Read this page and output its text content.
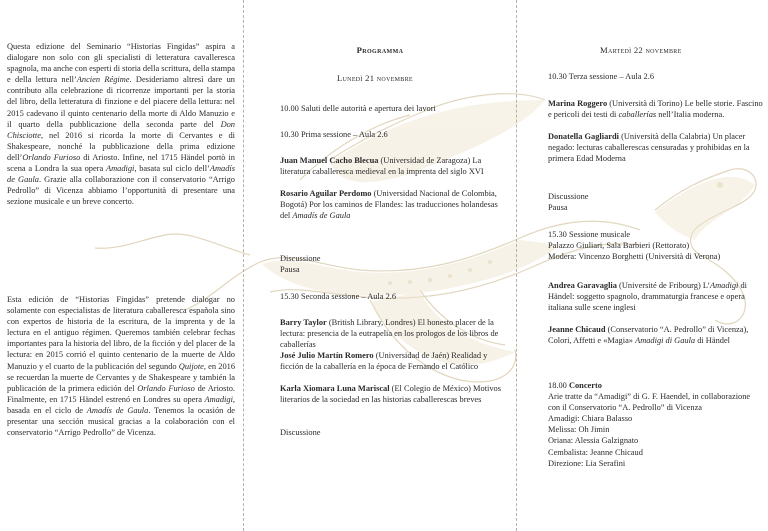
Questa edizione del Seminario “Historias Fingidas” aspira a dialogare non solo con gli specialisti di letteratura cavalleresca spagnola, ma anche con esperti di storia della scrittura, della stampa e della lettura nell’Ancien Régime. Desideriamo altresì dare un contributo alla celebrazione di ricorrenze importanti per la storia del libro, della letteratura di finzione e del piacere della lettura: nel 2015 cadevano il quinto centenario della morte di Aldo Manuzio e il quarto della pubblicazione della seconda parte del Don Chisciotte, nel 2016 si ricorda la morte di Cervantes e di Shakespeare, nonché la pubblicazione della prima edizione dell’Orlando Furioso di Ariosto. Infine, nel 1715 Händel portò in scena a Londra la sua opera Amadigi, basata sul ciclo dell’Amadís de Gaula. Grazie alla collaborazione con il conservatorio “Arrigo Pedrollo” di Vicenza abbiamo l’opportunità di presentare una sezione musicale e un breve concerto.

Esta edición de “Historias Fingidas” pretende dialogar no solamente con especialistas de literatura caballeresca española sino con expertos de historia de la escritura, de la imprenta y de la lectura en el antiguo régimen. Queremos también celebrar fechas importantes para la historia del libro, de la ficción y del placer de la lectura: en 2015 corrió el quinto centenario de la muerte de Aldo Manuzio y el cuarto de la publicación del segundo Quijote, en 2016 se recuerdan la muerte de Cervantes y de Shakespeare y también la publicación de la primera edición del Orlando Furioso de Ariosto. Finalmente, en 1715 Händel estrenó en Londres su opera Amadigi, basada en el ciclo de Amadís de Gaula. Tenemos la ocasión de presentar una sección musical gracias a la colaboración con el conservatorio “Arrigo Pedrollo” de Vicenza.

Programma
Lunedì 21 novembre
10.00 Saluti delle autorità e apertura dei lavori
10.30 Prima sessione – Aula 2.6

Juan Manuel Cacho Blecua (Universidad de Zaragoza) La literatura caballeresca medieval en la imprenta del siglo XVI

Rosario Aguilar Perdomo (Universidad Nacional de Colombia, Bogotá) Por los caminos de Flandes: las traducciones holandesas del Amadís de Gaula

Discussione
Pausa
15.30 Seconda sessione – Aula 2.6

Barry Taylor (British Library, Londres) El honesto placer de la lectura: presencia de la eutrapelia en los prologos de los libros de caballerías

José Julio Martín Romero (Universidad de Jaén) Realidad y ficción de la caballería en la época de Fernando el Católico

Karla Xiomara Luna Mariscal (El Colegio de México) Motivos literarios de la sociedad en las historias caballerescas breves

Discussione
Martedì 22 novembre
10.30 Terza sessione – Aula 2.6

Marina Roggero (Università di Torino) Le belle storie. Fascino e pericoli dei testi di caballerías nell’Italia moderna.

Donatella Gagliardi (Università della Calabria) Un placer negado: lecturas caballerescas censuradas y prohibidas en la primera Edad Moderna

Discussione
Pausa
15.30 Sessione musicale
Palazzo Giuliari, Sala Barbieri (Rettorato)
Modera: Vincenzo Borghetti (Università di Verona)

Andrea Garavaglia (Université de Fribourg) L’Amadigi di Händel: soggetto spagnolo, drammaturgia francese e opera italiana sulle scene inglesi

Jeanne Chicaud (Conservatorio “A. Pedrollo” di Vicenza), Colori, Affetti e «Magia» Amadigi di Gaula di Händel

18.00 Concerto

Arie tratte da “Amadigi” di G. F. Haendel, in collaborazione con il Conservatorio “A. Pedrollo” di Vicenza

Amadigi: Chiara Balasso

Melissa: Oh Jimin

Oriana: Alessia Galzignato

Cembalista: Jeanne Chicaud

Direzione: Lia Serafini
